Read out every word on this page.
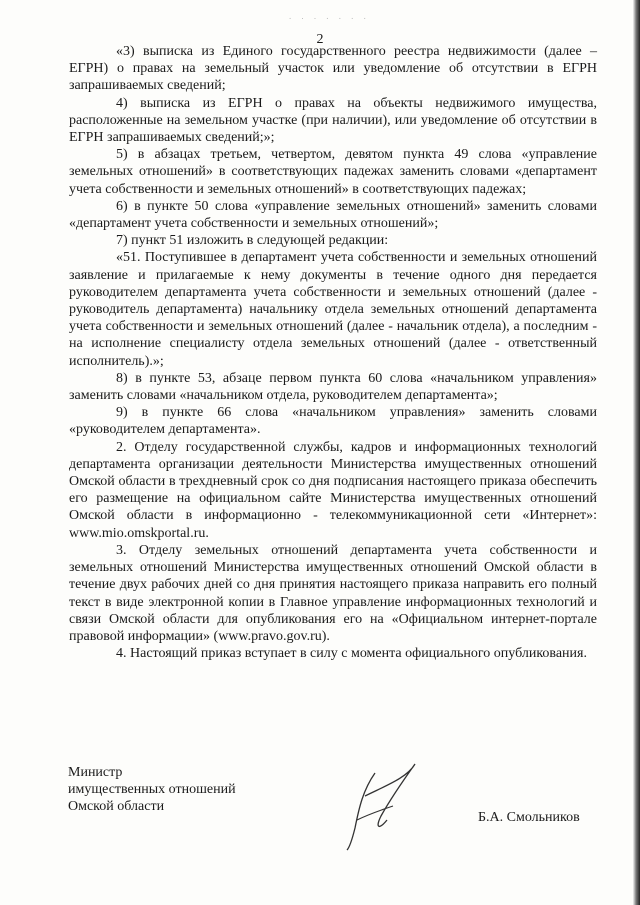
. . . . . . .
2

«3) выписка из Единого государственного реестра недвижимости (далее – ЕГРН) о правах на земельный участок или уведомление об отсутствии в ЕГРН запрашиваемых сведений;

4) выписка из ЕГРН о правах на объекты недвижимого имущества, расположенные на земельном участке (при наличии), или уведомление об отсутствии в ЕГРН запрашиваемых сведений;»;

5) в абзацах третьем, четвертом, девятом пункта 49 слова «управление земельных отношений» в соответствующих падежах заменить словами «департамент учета собственности и земельных отношений» в соответствующих падежах;

6) в пункте 50 слова «управление земельных отношений» заменить словами «департамент учета собственности и земельных отношений»;

7) пункт 51 изложить в следующей редакции:

«51. Поступившее в департамент учета собственности и земельных отношений заявление и прилагаемые к нему документы в течение одного дня передается руководителем департамента учета собственности и земельных отношений (далее - руководитель департамента) начальнику отдела земельных отношений департамента учета собственности и земельных отношений (далее - начальник отдела), а последним - на исполнение специалисту отдела земельных отношений (далее - ответственный исполнитель).»;

8) в пункте 53, абзаце первом пункта 60 слова «начальником управления» заменить словами «начальником отдела, руководителем департамента»;

9) в пункте 66 слова «начальником управления» заменить словами «руководителем департамента».

2. Отделу государственной службы, кадров и информационных технологий департамента организации деятельности Министерства имущественных отношений Омской области в трехдневный срок со дня подписания настоящего приказа обеспечить его размещение на официальном сайте Министерства имущественных отношений Омской области в информационно - телекоммуникационной сети «Интернет»: www.mio.omskportal.ru.

3. Отделу земельных отношений департамента учета собственности и земельных отношений Министерства имущественных отношений Омской области в течение двух рабочих дней со дня принятия настоящего приказа направить его полный текст в виде электронной копии в Главное управление информационных технологий и связи Омской области для опубликования его на «Официальном интернет-портале правовой информации» (www.pravo.gov.ru).

4. Настоящий приказ вступает в силу с момента официального опубликования.

Министр
имущественных отношений
Омской области
Б.А. Смольников
